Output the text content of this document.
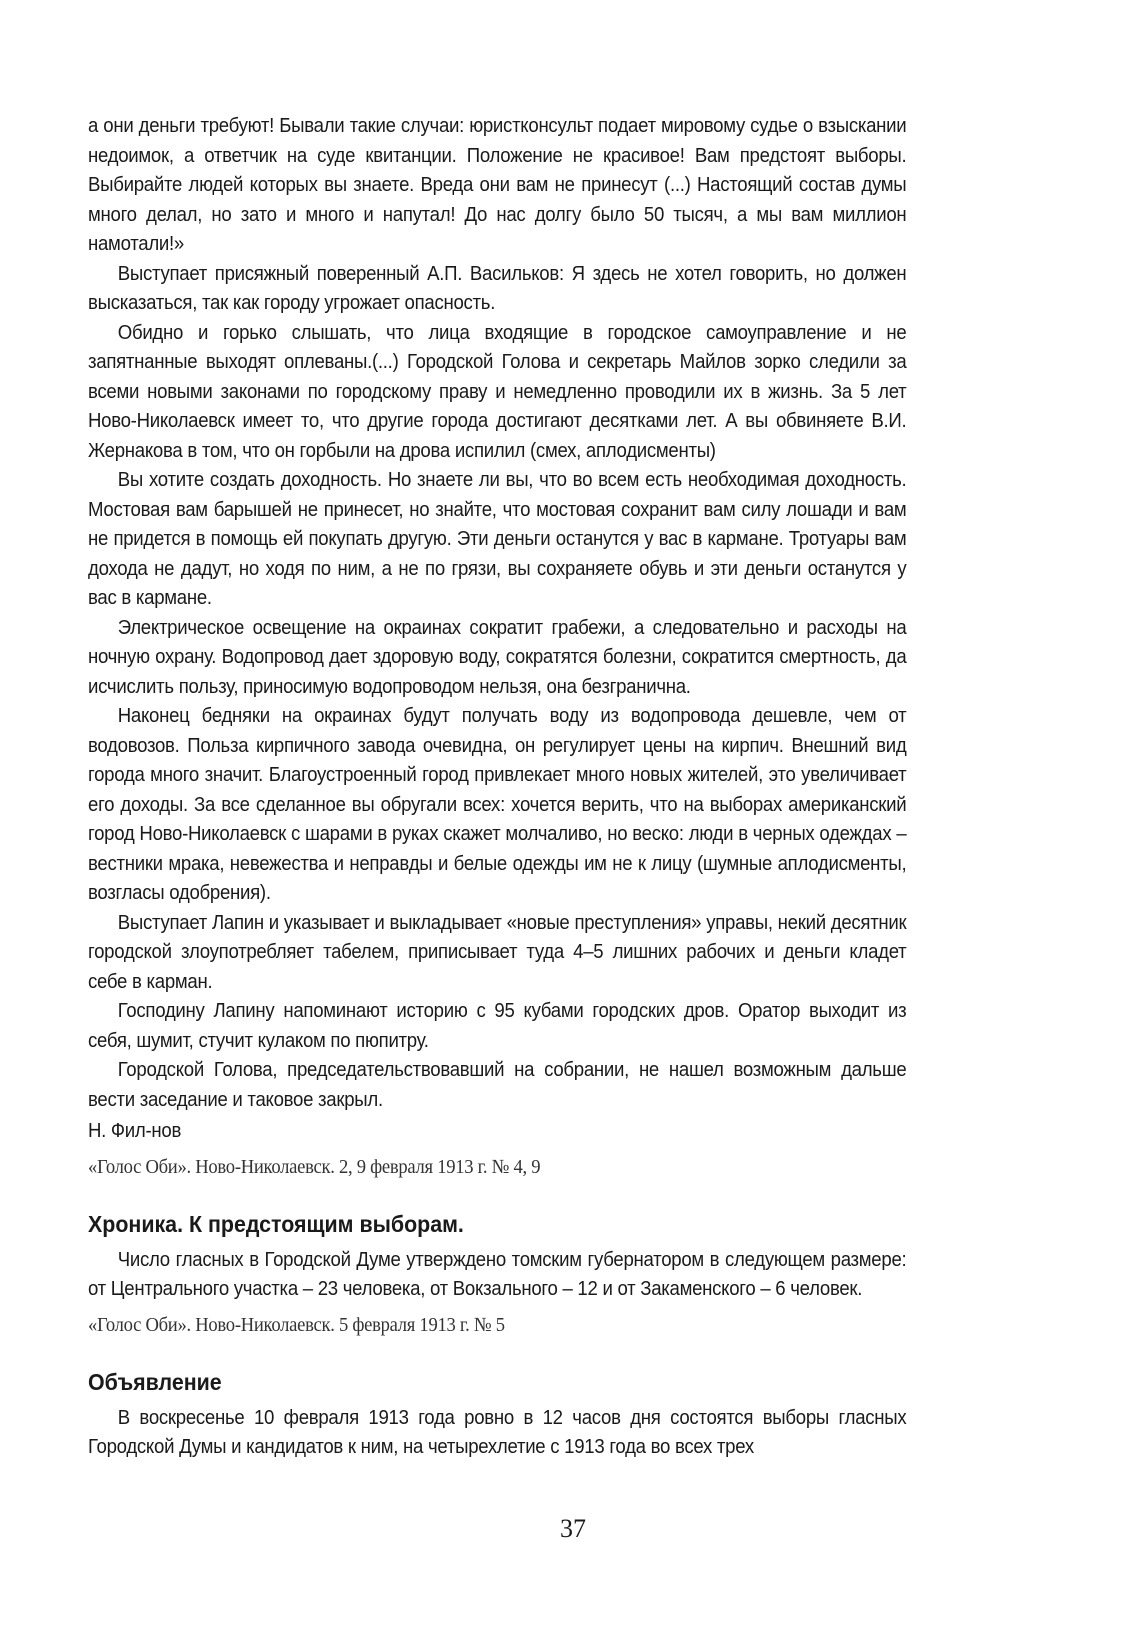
а они деньги требуют! Бывали такие случаи: юристконсульт подает мировому судье о взыскании недоимок, а ответчик на суде квитанции. Положение не красивое! Вам предстоят выборы. Выбирайте людей которых вы знаете. Вреда они вам не принесут (...) Настоящий состав думы много делал, но зато и много и напутал! До нас долгу было 50 тысяч, а мы вам миллион намотали!»

Выступает присяжный поверенный А.П. Васильков: Я здесь не хотел говорить, но должен высказаться, так как городу угрожает опасность.

Обидно и горько слышать, что лица входящие в городское самоуправление и не запятнанные выходят оплеваны.(...) Городской Голова и секретарь Майлов зорко следили за всеми новыми законами по городскому праву и немедленно проводили их в жизнь. За 5 лет Ново-Николаевск имеет то, что другие города достигают десятками лет. А вы обвиняете В.И. Жернакова в том, что он горбыли на дрова испилил (смех, аплодисменты)

Вы хотите создать доходность. Но знаете ли вы, что во всем есть необходимая доходность. Мостовая вам барышей не принесет, но знайте, что мостовая сохранит вам силу лошади и вам не придется в помощь ей покупать другую. Эти деньги останутся у вас в кармане. Тротуары вам дохода не дадут, но ходя по ним, а не по грязи, вы сохраняете обувь и эти деньги останутся у вас в кармане.

Электрическое освещение на окраинах сократит грабежи, а следовательно и расходы на ночную охрану. Водопровод дает здоровую воду, сократятся болезни, сократится смертность, да исчислить пользу, приносимую водопроводом нельзя, она безгранична.

Наконец бедняки на окраинах будут получать воду из водопровода дешевле, чем от водовозов. Польза кирпичного завода очевидна, он регулирует цены на кирпич. Внешний вид города много значит. Благоустроенный город привлекает много новых жителей, это увеличивает его доходы. За все сделанное вы обругали всех: хочется верить, что на выборах американский город Ново-Николаевск с шарами в руках скажет молчаливо, но веско: люди в черных одеждах – вестники мрака, невежества и неправды и белые одежды им не к лицу (шумные аплодисменты, возгласы одобрения).

Выступает Лапин и указывает и выкладывает «новые преступления» управы, некий десятник городской злоупотребляет табелем, приписывает туда 4–5 лишних рабочих и деньги кладет себе в карман.

Господину Лапину напоминают историю с 95 кубами городских дров. Оратор выходит из себя, шумит, стучит кулаком по пюпитру.

Городской Голова, председательствовавший на собрании, не нашел возможным дальше вести заседание и таковое закрыл.

Н. Фил-нов

«Голос Оби». Ново-Николаевск. 2, 9 февраля 1913 г. № 4, 9

Хроника. К предстоящим выборам.

Число гласных в Городской Думе утверждено томским губернатором в следующем размере: от Центрального участка – 23 человека, от Вокзального – 12 и от Закаменского – 6 человек.

«Голос Оби». Ново-Николаевск. 5 февраля 1913 г. № 5

Объявление

В воскресенье 10 февраля 1913 года ровно в 12 часов дня состоятся выборы гласных Городской Думы и кандидатов к ним, на четырехлетие с 1913 года во всех трех

37
